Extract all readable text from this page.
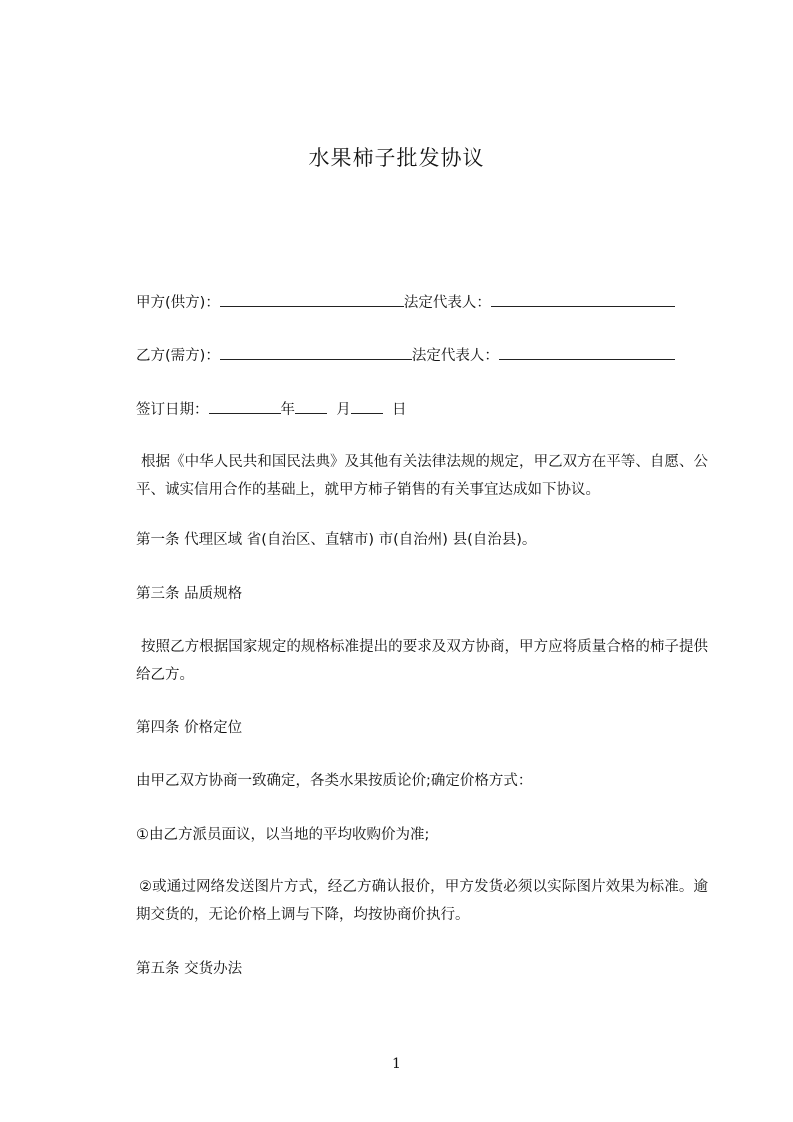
水果柿子批发协议
甲方(供方)：	法定代表人：
乙方(需方)：	法定代表人：
签订日期：	年	月	日

根据《中华人民共和国民法典》及其他有关法律法规的规定，甲乙双方在平等、自愿、公平、诚实信用合作的基础上，就甲方柿子销售的有关事宜达成如下协议。

第一条 代理区域 省(自治区、直辖市) 市(自治州) 县(自治县)。
第三条 品质规格

按照乙方根据国家规定的规格标准提出的要求及双方协商，甲方应将质量合格的柿子提供给乙方。

第四条 价格定位
由甲乙双方协商一致确定，各类水果按质论价;确定价格方式：
①由乙方派员面议，以当地的平均收购价为准;

②或通过网络发送图片方式，经乙方确认报价，甲方发货必须以实际图片效果为标准。逾期交货的，无论价格上调与下降，均按协商价执行。

第五条 交货办法
1
